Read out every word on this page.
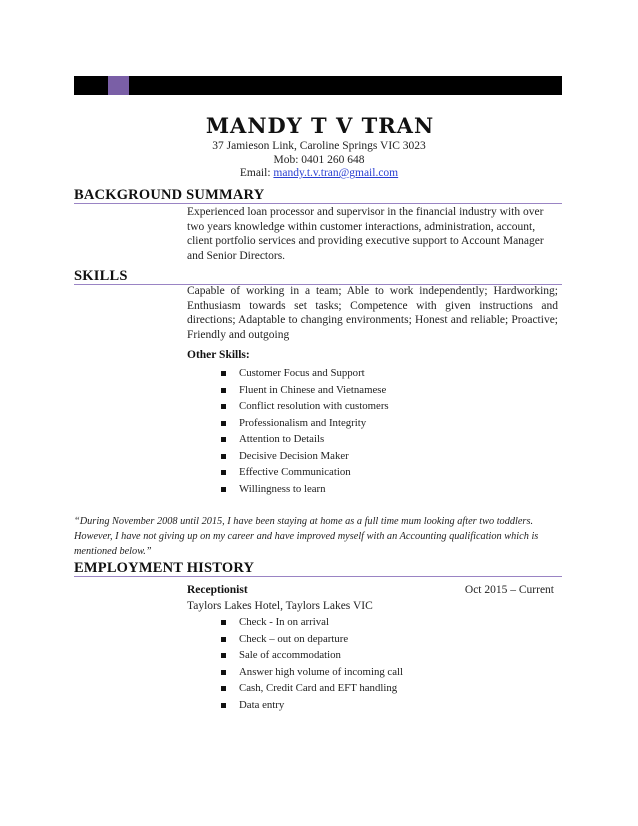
MANDY T V TRAN
37 Jamieson Link, Caroline Springs VIC 3023
Mob: 0401 260 648
Email: mandy.t.v.tran@gmail.com
BACKGROUND SUMMARY
Experienced loan processor and supervisor in the financial industry with over two years knowledge within customer interactions, administration, account, client portfolio services and providing executive support to Account Manager and Senior Directors.
SKILLS
Capable of working in a team; Able to work independently; Hardworking; Enthusiasm towards set tasks; Competence with given instructions and directions; Adaptable to changing environments; Honest and reliable; Proactive; Friendly and outgoing
Other Skills:
Customer Focus and Support
Fluent in Chinese and Vietnamese
Conflict resolution with customers
Professionalism and Integrity
Attention to Details
Decisive Decision Maker
Effective Communication
Willingness to learn
“During November 2008 until 2015, I have been staying at home as a full time mum looking after two toddlers. However, I have not giving up on my career and have improved myself with an Accounting qualification which is mentioned below.”
EMPLOYMENT HISTORY
Receptionist	Oct 2015 – Current
Taylors Lakes Hotel, Taylors Lakes VIC
Check - In on arrival
Check – out on departure
Sale of accommodation
Answer high volume of incoming call
Cash, Credit Card and EFT handling
Data entry
